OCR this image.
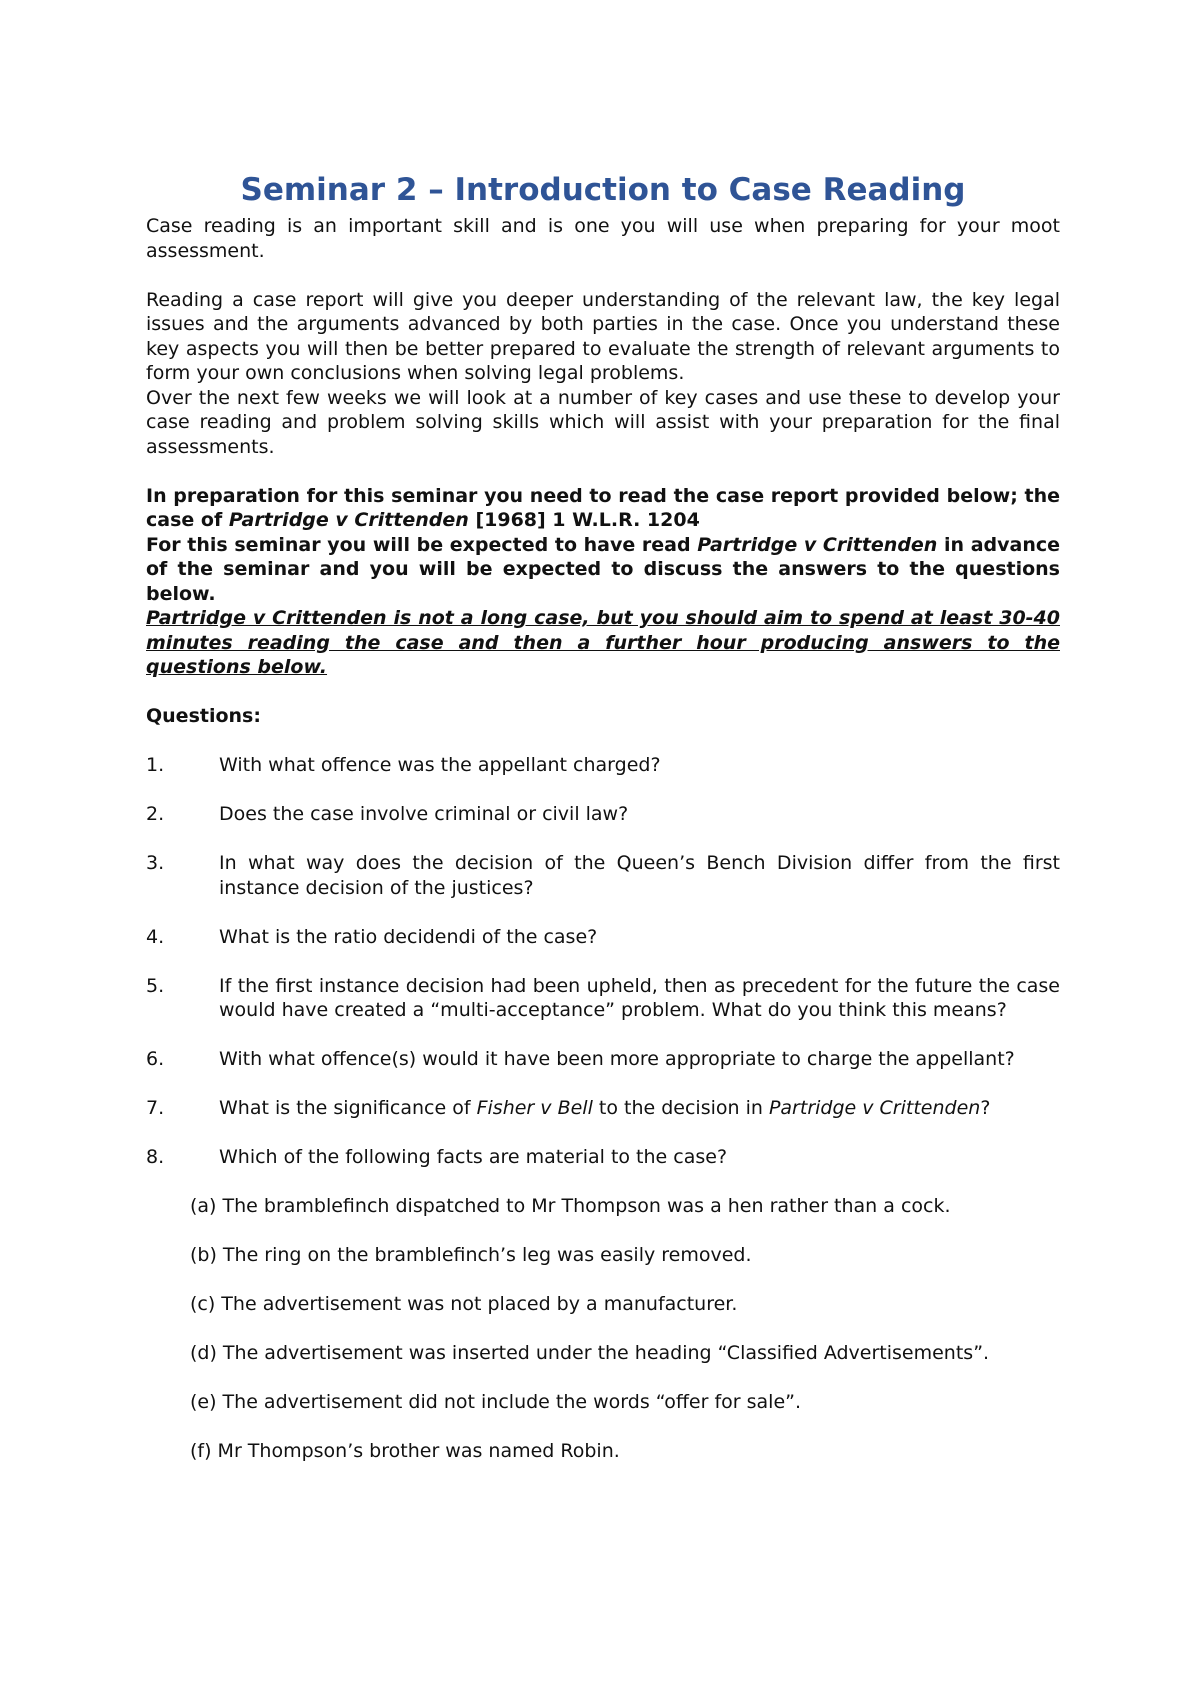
Seminar 2 – Introduction to Case Reading

Case reading is an important skill and is one you will use when preparing for your moot assessment.

Reading a case report will give you deeper understanding of the relevant law, the key legal issues and the arguments advanced by both parties in the case. Once you understand these key aspects you will then be better prepared to evaluate the strength of relevant arguments to form your own conclusions when solving legal problems.

Over the next few weeks we will look at a number of key cases and use these to develop your case reading and problem solving skills which will assist with your preparation for the final assessments.

In preparation for this seminar you need to read the case report provided below; the case of Partridge v Crittenden [1968] 1 W.L.R. 1204

For this seminar you will be expected to have read Partridge v Crittenden in advance of the seminar and you will be expected to discuss the answers to the questions below.

Partridge v Crittenden is not a long case, but you should aim to spend at least 30-40 minutes reading the case and then a further hour producing answers to the questions below.

Questions:

1.	With what offence was the appellant charged?
2.	Does the case involve criminal or civil law?
3.	In what way does the decision of the Queen’s Bench Division differ from the first instance decision of the justices?
4.	What is the ratio decidendi of the case?
5.	If the first instance decision had been upheld, then as precedent for the future the case would have created a “multi-acceptance” problem. What do you think this means?
6.	With what offence(s) would it have been more appropriate to charge the appellant?
7.	What is the significance of Fisher v Bell to the decision in Partridge v Crittenden?
8.	Which of the following facts are material to the case?

(a) The bramblefinch dispatched to Mr Thompson was a hen rather than a cock.

(b) The ring on the bramblefinch’s leg was easily removed.

(c) The advertisement was not placed by a manufacturer.

(d) The advertisement was inserted under the heading “Classified Advertisements”.

(e) The advertisement did not include the words “offer for sale”.

(f) Mr Thompson’s brother was named Robin.
